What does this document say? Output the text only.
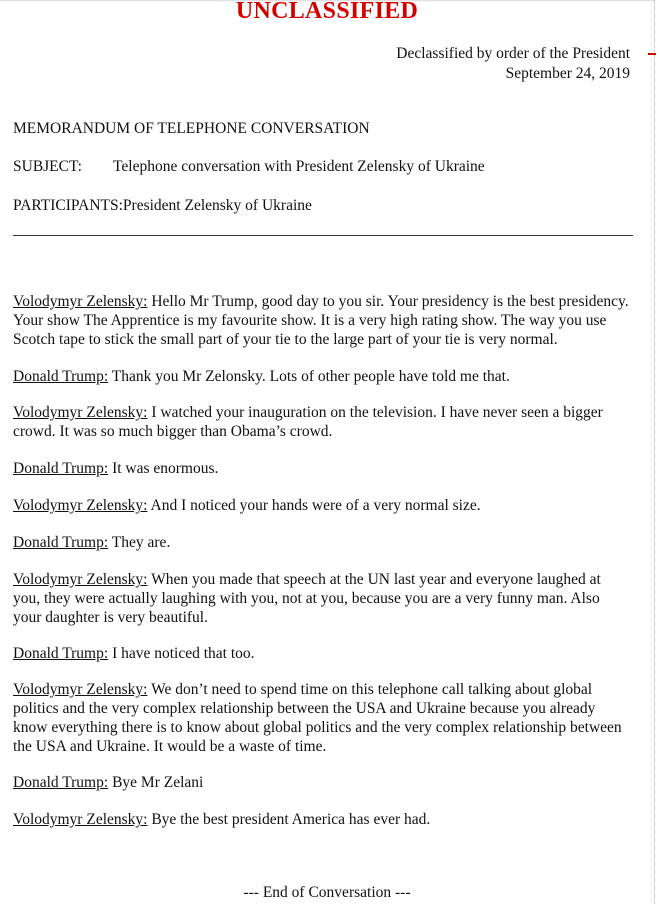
UNCLASSIFIED
Declassified by order of the President
September 24, 2019
MEMORANDUM OF TELEPHONE CONVERSATION
SUBJECT: Telephone conversation with President Zelensky of Ukraine
PARTICIPANTS:President Zelensky of Ukraine

Volodymyr Zelensky: Hello Mr Trump, good day to you sir. Your presidency is the best presidency. Your show The Apprentice is my favourite show. It is a very high rating show. The way you use Scotch tape to stick the small part of your tie to the large part of your tie is very normal.

Donald Trump: Thank you Mr Zelonsky. Lots of other people have told me that.

Volodymyr Zelensky: I watched your inauguration on the television. I have never seen a bigger crowd. It was so much bigger than Obama’s crowd.

Donald Trump: It was enormous.

Volodymyr Zelensky: And I noticed your hands were of a very normal size.

Donald Trump: They are.

Volodymyr Zelensky: When you made that speech at the UN last year and everyone laughed at you, they were actually laughing with you, not at you, because you are a very funny man. Also your daughter is very beautiful.

Donald Trump: I have noticed that too.

Volodymyr Zelensky: We don’t need to spend time on this telephone call talking about global politics and the very complex relationship between the USA and Ukraine because you already know everything there is to know about global politics and the very complex relationship between the USA and Ukraine. It would be a waste of time.

Donald Trump: Bye Mr Zelani

Volodymyr Zelensky: Bye the best president America has ever had.

--- End of Conversation ---
